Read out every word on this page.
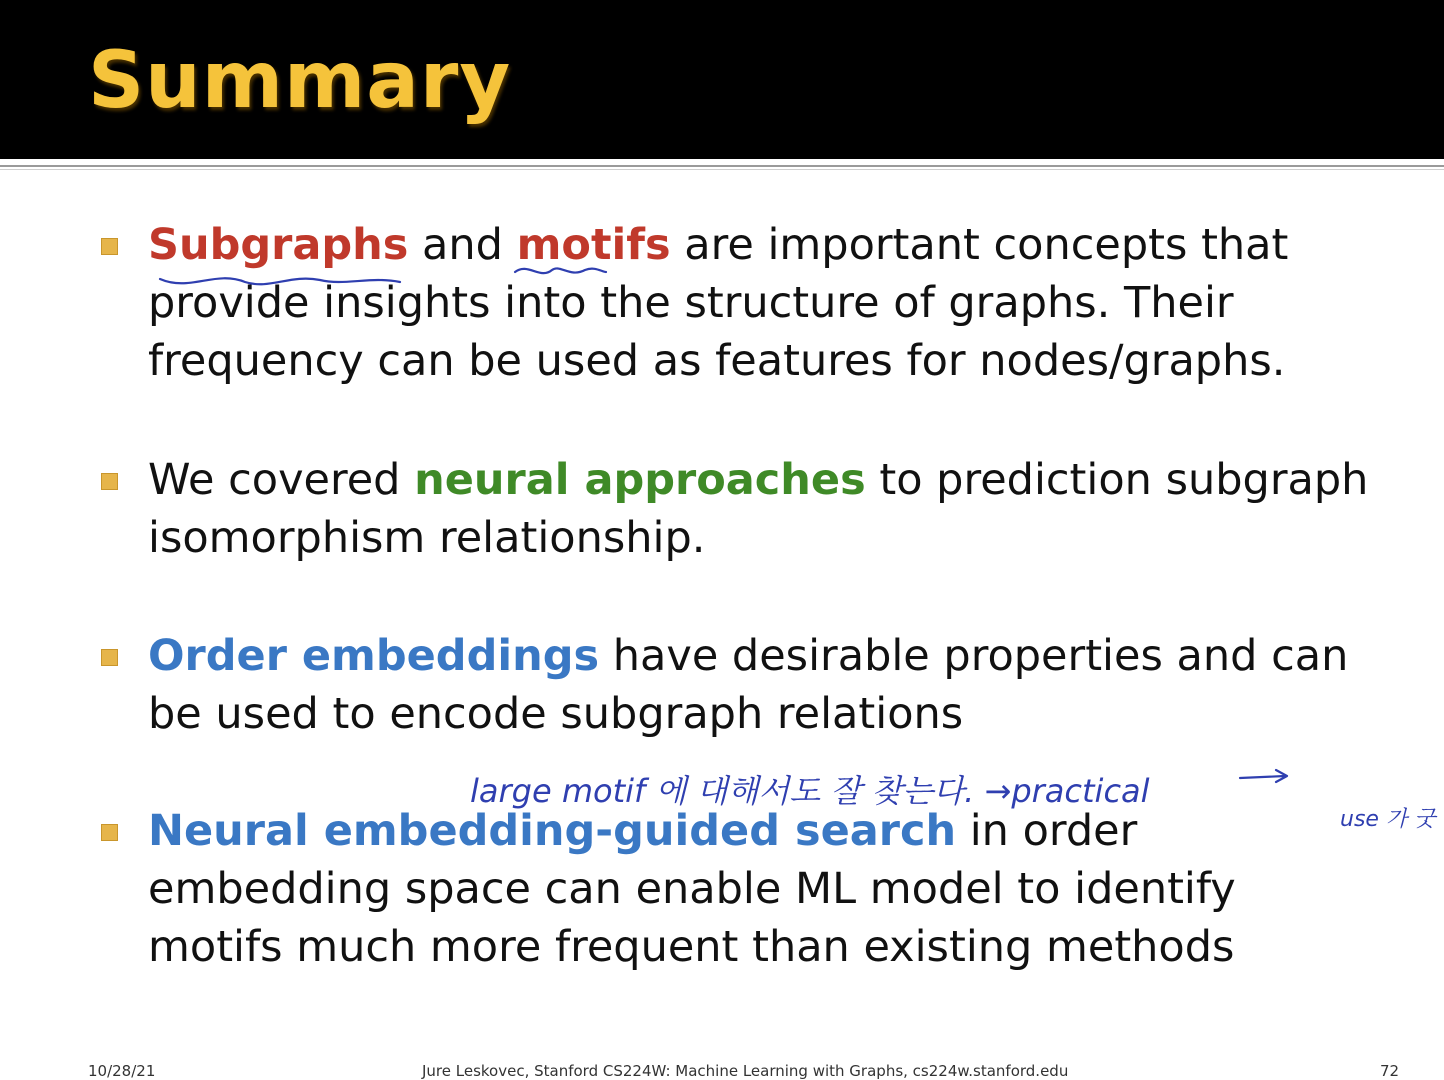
Summary
Subgraphs and motifs are important concepts that provide insights into the structure of graphs. Their frequency can be used as features for nodes/graphs.
We covered neural approaches to prediction subgraph isomorphism relationship.
Order embeddings have desirable properties and can be used to encode subgraph relations
Neural embedding-guided search in order embedding space can enable ML model to identify motifs much more frequent than existing methods
large motif 에 대해서도 잘 찾는다. →practical
use 가 굿
10/28/21	Jure Leskovec, Stanford CS224W: Machine Learning with Graphs, cs224w.stanford.edu	72
